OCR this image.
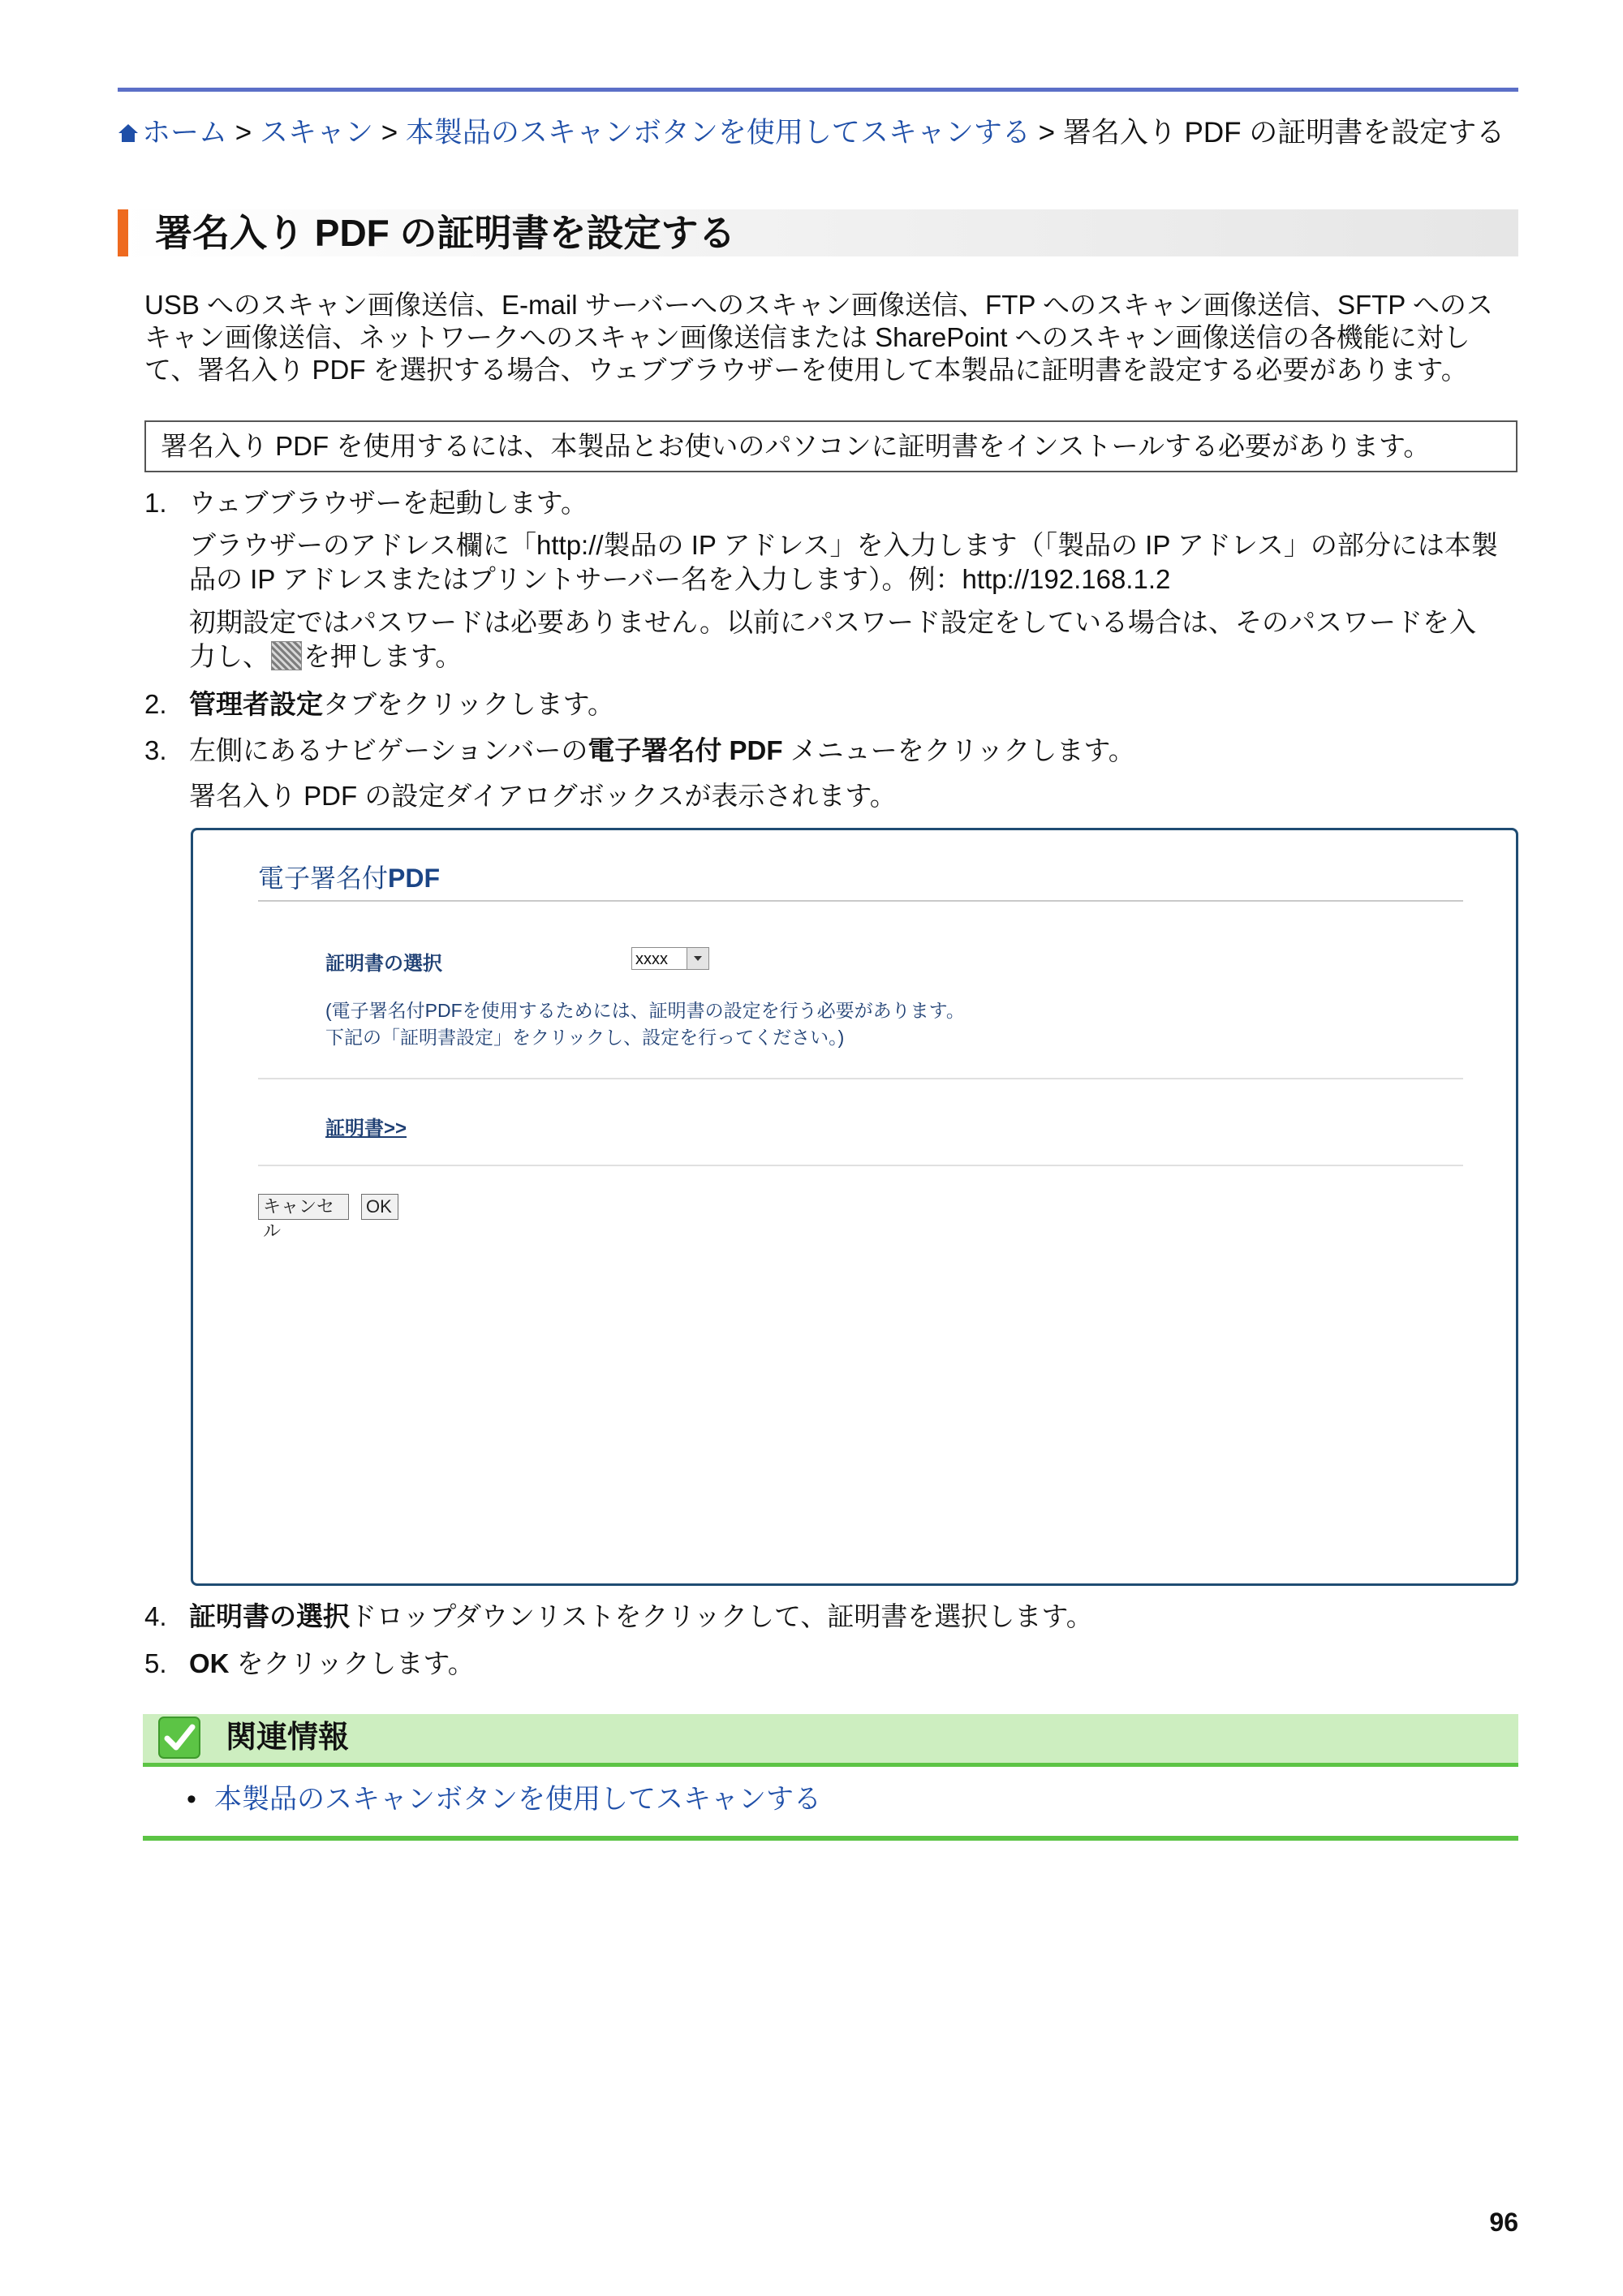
ホーム > スキャン > 本製品のスキャンボタンを使用してスキャンする > 署名入り PDF の証明書を設定する
署名入り PDF の証明書を設定する

USB へのスキャン画像送信、E-mail サーバーへのスキャン画像送信、FTP へのスキャン画像送信、SFTP へのス
キャン画像送信、ネットワークへのスキャン画像送信または SharePoint へのスキャン画像送信の各機能に対し
て、署名入り PDF を選択する場合、ウェブブラウザーを使用して本製品に証明書を設定する必要があります。

署名入り PDF を使用するには、本製品とお使いのパソコンに証明書をインストールする必要があります。
1. ウェブブラウザーを起動します。

ブラウザーのアドレス欄に「http://製品の IP アドレス」を入力します（「製品の IP アドレス」の部分には本製
品の IP アドレスまたはプリントサーバー名を入力します）。例：http://192.168.1.2

初期設定ではパスワードは必要ありません。以前にパスワード設定をしている場合は、そのパスワードを入
力し、 を押します。

2. 管理者設定タブをクリックします。
3. 左側にあるナビゲーションバーの電子署名付 PDF メニューをクリックします。

署名入り PDF の設定ダイアログボックスが表示されます。

電子署名付PDF
証明書の選択	xxxx

(電子署名付PDFを使用するためには、証明書の設定を行う必要があります。
下記の「証明書設定」をクリックし、設定を行ってください。)

証明書>>
キャンセル
OK
4. 証明書の選択ドロップダウンリストをクリックして、証明書を選択します。
5. OK をクリックします。
関連情報
• 本製品のスキャンボタンを使用してスキャンする
96
